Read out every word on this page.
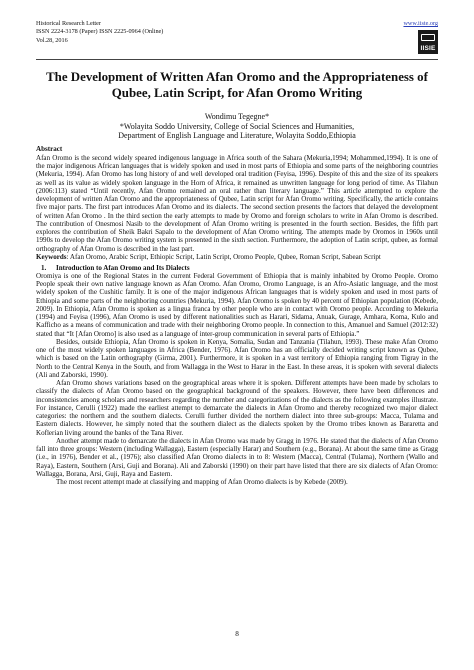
Historical Research Letter
ISSN 2224-3178 (Paper) ISSN 2225-0964 (Online)
Vol.28, 2016
www.iiste.org
IISIE
The Development of Written Afan Oromo and the Appropriateness of Qubee, Latin Script, for Afan Oromo Writing
Wondimu Tegegne*
*Wolayita Soddo University, College of Social Sciences and Humanities,
Department of English Language and Literature, Wolayita Soddo,Ethiopia
Abstract
Afan Oromo is the second widely speared indigenous language in Africa south of the Sahara (Mekuria,1994; Mohammed,1994). It is one of the major indigenous African languages that is widely spoken and used in most parts of Ethiopia and some parts of the neighboring countries (Mekuria, 1994). Afan Oromo has long history of and well developed oral tradition (Feyisa, 1996). Despite of this and the size of its speakers as well as its value as widely spoken language in the Horn of Africa, it remained as unwritten language for long period of time. As Tilahun (2006:113) stated “Until recently, Afan Oromo remained an oral rather than literary language.” This article attempted to explore the development of written Afan Oromo and the appropriateness of Qubee, Latin script for Afan Oromo writing. Specifically, the article contains five major parts. The first part introduces Afan Oromo and its dialects. The second section presents the factors that delayed the development of written Afan Oromo . In the third section the early attempts to made by Oromo and foreign scholars to write in Afan Oromo is described. The contribution of Onesmosi Nasib to the development of Afan Oromo writing is presented in the fourth section. Besides, the fifth part explores the contribution of Sheik Bakri Sapalo to the development of Afan Oromo writing. The attempts made by Oromos in 1960s until 1990s to develop the Afan Oromo writing system is presented in the sixth section. Furthermore, the adoption of Latin script, qubee, as formal orthography of Afan Oromo is described in the last part.
Keywords: Afan Oromo, Arabic Script, Ethiopic Script, Latin Script, Oromo People, Qubee, Roman Script, Sabean Script
1. Introduction to Afan Oromo and Its Dialects
Oromiya is one of the Regional States in the current Federal Government of Ethiopia that is mainly inhabited by Oromo People. Oromo People speak their own native language known as Afan Oromo. Afan Oromo, Oromo Language, is an Afro-Asiatic language, and the most widely spoken of the Cushitic family. It is one of the major indigenous African languages that is widely spoken and used in most parts of Ethiopia and some parts of the neighboring countries (Mekuria, 1994). Afan Oromo is spoken by 40 percent of Ethiopian population (Kebede, 2009). In Ethiopia, Afan Oromo is spoken as a lingua franca by other people who are in contact with Oromo people. According to Mekuria (1994) and Feyisa (1996), Afan Oromo is used by different nationalities such as Harari, Sidama, Anuak, Gurage, Amhara, Koma, Kulo and Kafficho as a means of communication and trade with their neighboring Oromo people. In connection to this, Amanuel and Samuel (2012:32) stated that “It [Afan Oromo] is also used as a language of inter-group communication in several parts of Ethiopia.”
Besides, outside Ethiopia, Afan Oromo is spoken in Kenya, Somalia, Sudan and Tanzania (Tilahun, 1993). These make Afan Oromo one of the most widely spoken languages in Africa (Bender, 1976). Afan Oromo has an officially decided writing script known as Qubee, which is based on the Latin orthography (Girma, 2001). Furthermore, it is spoken in a vast territory of Ethiopia ranging from Tigray in the North to the Central Kenya in the South, and from Wallagga in the West to Harar in the East. In these areas, it is spoken with several dialects (Ali and Zaborski, 1990).
Afan Oromo shows variations based on the geographical areas where it is spoken. Different attempts have been made by scholars to classify the dialects of Afan Oromo based on the geographical background of the speakers. However, there have been differences and inconsistencies among scholars and researchers regarding the number and categorizations of the dialects as the following examples illustrate. For instance, Cerulli (1922) made the earliest attempt to demarcate the dialects in Afan Oromo and thereby recognized two major dialect categories: the northern and the southern dialects. Cerulli further divided the northern dialect into three sub-groups: Macca, Tulama and Eastern dialects. However, he simply noted that the southern dialect as the dialects spoken by the Oromo tribes known as Bararetta and Koflerian living around the banks of the Tana River.
Another attempt made to demarcate the dialects in Afan Oromo was made by Gragg in 1976. He stated that the dialects of Afan Oromo fall into three groups: Western (including Wallagga), Eastern (especially Harar) and Southern (e.g., Borana). At about the same time as Gragg (i.e., in 1976), Bender et al., (1976); also classified Afan Oromo dialects in to 8: Western (Macca), Central (Tulama), Northern (Wallo and Raya), Eastern, Southern (Arsi, Guji and Borana). Ali and Zaborski (1990) on their part have listed that there are six dialects of Afan Oromo: Wallagga, Borana, Arsi, Guji, Raya and Eastern.
The most recent attempt made at classifying and mapping of Afan Oromo dialects is by Kebede (2009).
8
